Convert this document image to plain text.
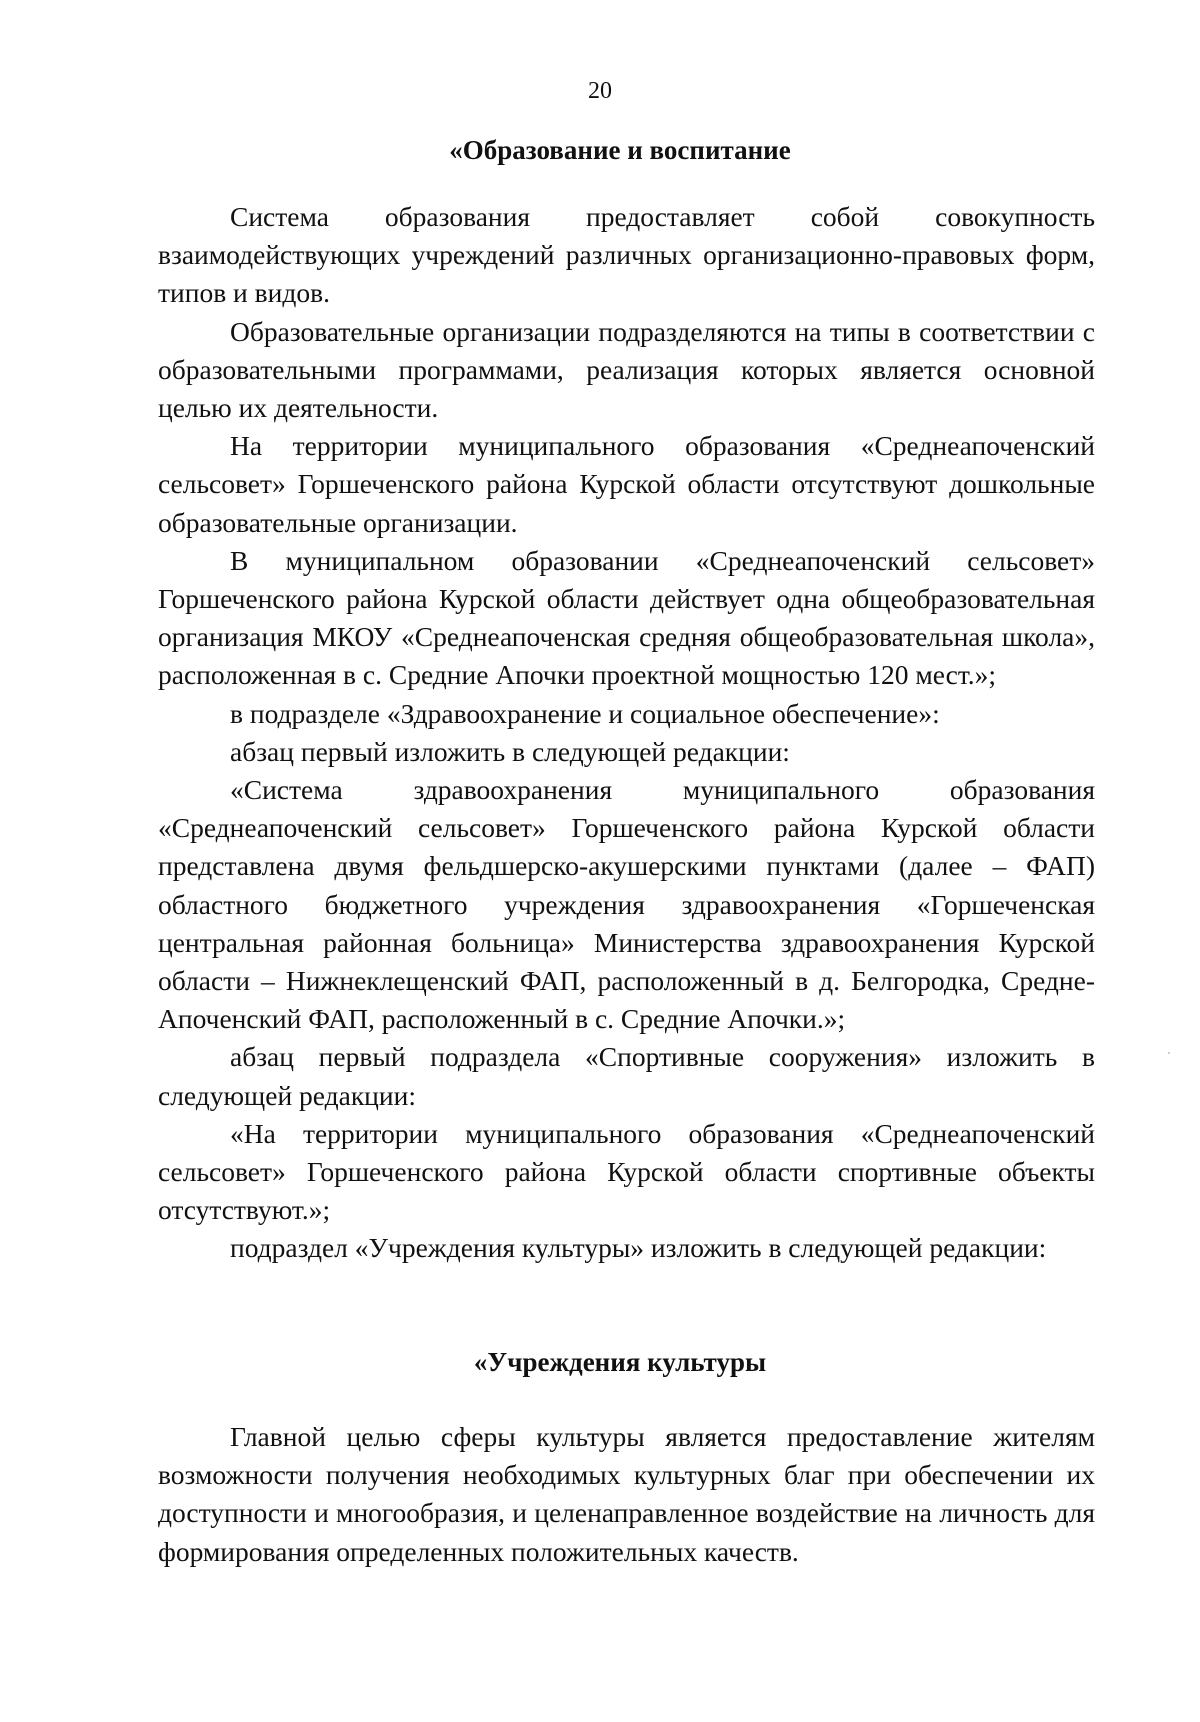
20
«Образование и воспитание

Система образования предоставляет собой совокупность взаимодействующих учреждений различных организационно-правовых форм, типов и видов.

Образовательные организации подразделяются на типы в соответствии с образовательными программами, реализация которых является основной целью их деятельности.

На территории муниципального образования «Среднеапоченский сельсовет» Горшеченского района Курской области отсутствуют дошкольные образовательные организации.

В муниципальном образовании «Среднеапоченский сельсовет» Горшеченского района Курской области действует одна общеобразовательная организация МКОУ «Среднеапоченская средняя общеобразовательная школа», расположенная в с. Средние Апочки проектной мощностью 120 мест.»;

в подразделе «Здравоохранение и социальное обеспечение»:

абзац первый изложить в следующей редакции:

«Система здравоохранения муниципального образования «Среднеапоченский сельсовет» Горшеченского района Курской области представлена двумя фельдшерско-акушерскими пунктами (далее – ФАП) областного бюджетного учреждения здравоохранения «Горшеченская центральная районная больница» Министерства здравоохранения Курской области – Нижнеклещенский ФАП, расположенный в д. Белгородка, Средне-Апоченский ФАП, расположенный в с. Средние Апочки.»;

абзац первый подраздела «Спортивные сооружения» изложить в следующей редакции:

«На территории муниципального образования «Среднеапоченский сельсовет» Горшеченского района Курской области спортивные объекты отсутствуют.»;

подраздел «Учреждения культуры» изложить в следующей редакции:

«Учреждения культуры

Главной целью сферы культуры является предоставление жителям возможности получения необходимых культурных благ при обеспечении их доступности и многообразия, и целенаправленное воздействие на личность для формирования определенных положительных качеств.
